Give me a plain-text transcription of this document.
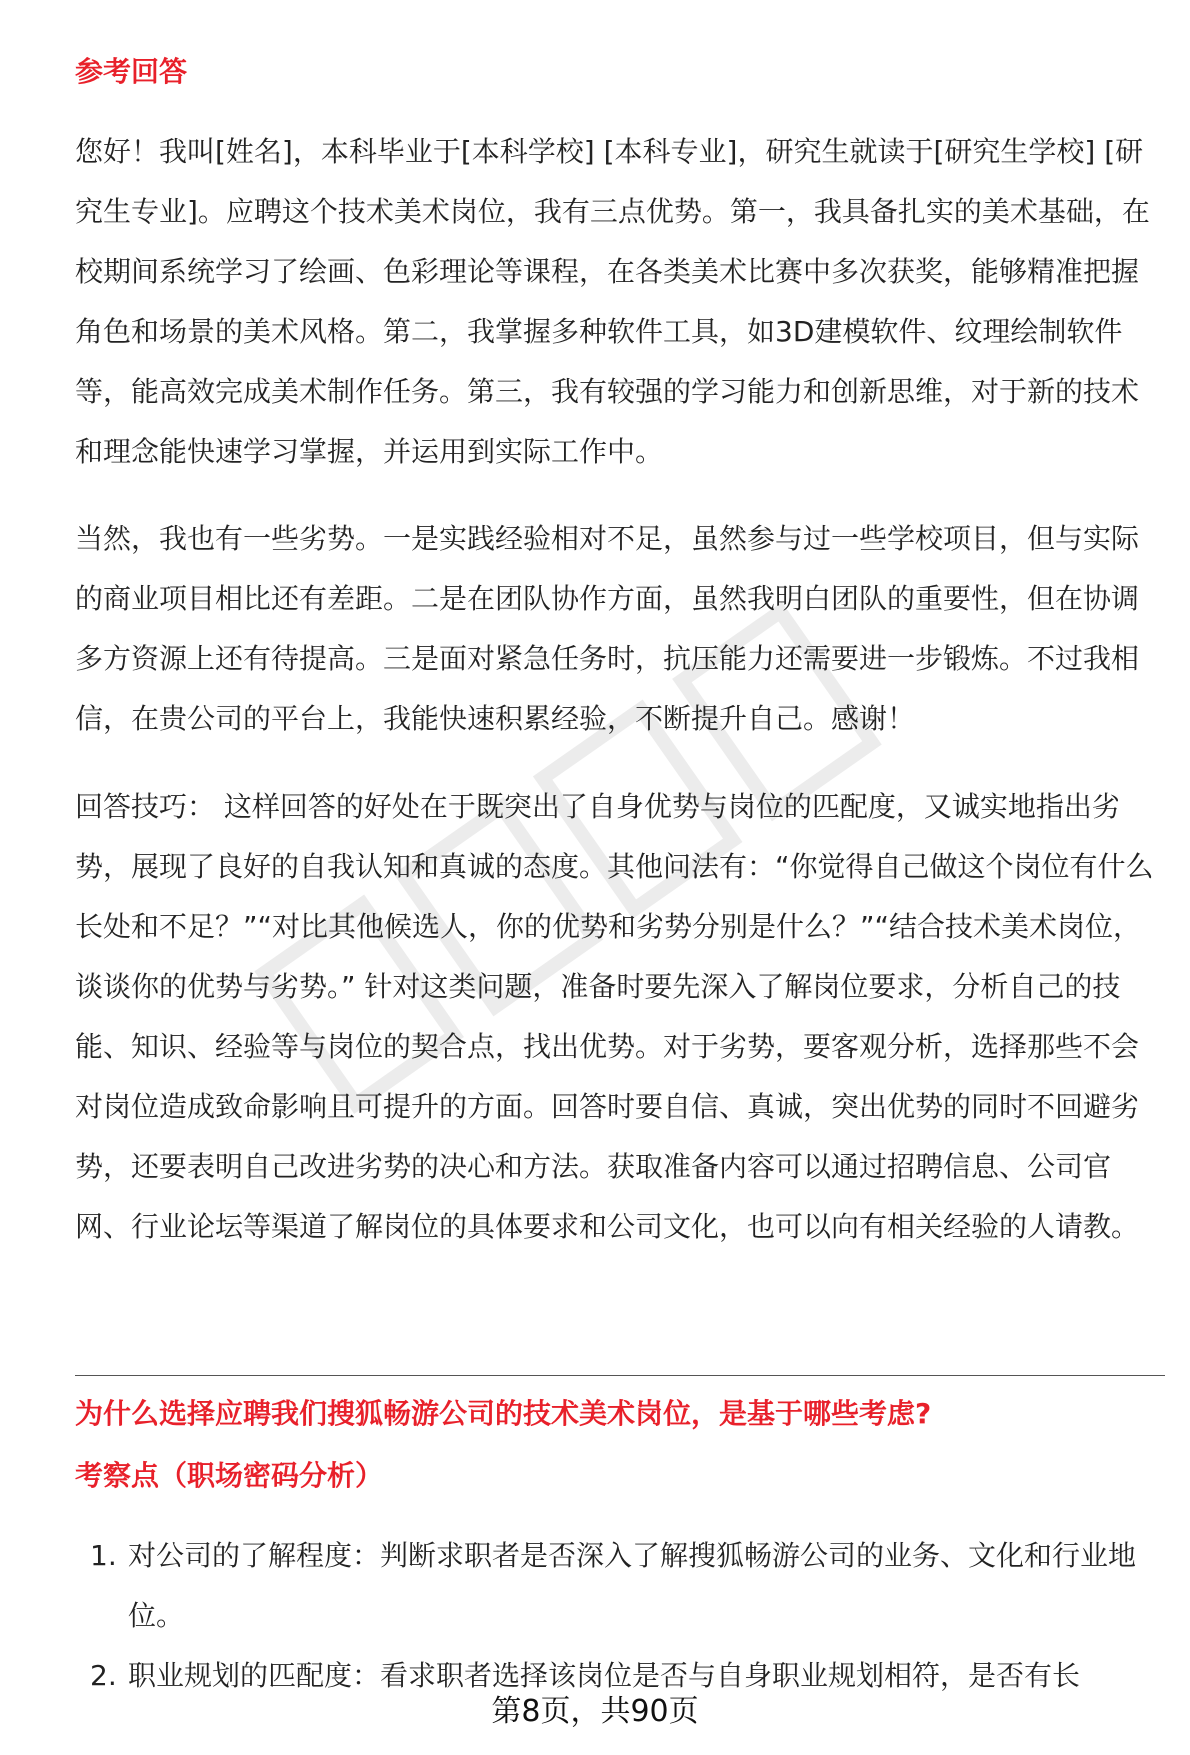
参考回答

您好！我叫[姓名]，本科毕业于[本科学校] [本科专业]，研究生就读于[研究生学校] [研究生专业]。应聘这个技术美术岗位，我有三点优势。第一，我具备扎实的美术基础，在校期间系统学习了绘画、色彩理论等课程，在各类美术比赛中多次获奖，能够精准把握角色和场景的美术风格。第二，我掌握多种软件工具，如3D建模软件、纹理绘制软件等，能高效完成美术制作任务。第三，我有较强的学习能力和创新思维，对于新的技术和理念能快速学习掌握，并运用到实际工作中。

当然，我也有一些劣势。一是实践经验相对不足，虽然参与过一些学校项目，但与实际的商业项目相比还有差距。二是在团队协作方面，虽然我明白团队的重要性，但在协调多方资源上还有待提高。三是面对紧急任务时，抗压能力还需要进一步锻炼。不过我相信，在贵公司的平台上，我能快速积累经验，不断提升自己。感谢！

回答技巧： 这样回答的好处在于既突出了自身优势与岗位的匹配度，又诚实地指出劣势，展现了良好的自我认知和真诚的态度。其他问法有：“你觉得自己做这个岗位有什么长处和不足？”“对比其他候选人，你的优势和劣势分别是什么？”“结合技术美术岗位，谈谈你的优势与劣势。” 针对这类问题，准备时要先深入了解岗位要求，分析自己的技能、知识、经验等与岗位的契合点，找出优势。对于劣势，要客观分析，选择那些不会对岗位造成致命影响且可提升的方面。回答时要自信、真诚，突出优势的同时不回避劣势，还要表明自己改进劣势的决心和方法。获取准备内容可以通过招聘信息、公司官网、行业论坛等渠道了解岗位的具体要求和公司文化，也可以向有相关经验的人请教。

为什么选择应聘我们搜狐畅游公司的技术美术岗位，是基于哪些考虑?
考察点（职场密码分析）
1. 对公司的了解程度：判断求职者是否深入了解搜狐畅游公司的业务、文化和行业地位。
2. 职业规划的匹配度：看求职者选择该岗位是否与自身职业规划相符，是否有长
第8页，共90页
